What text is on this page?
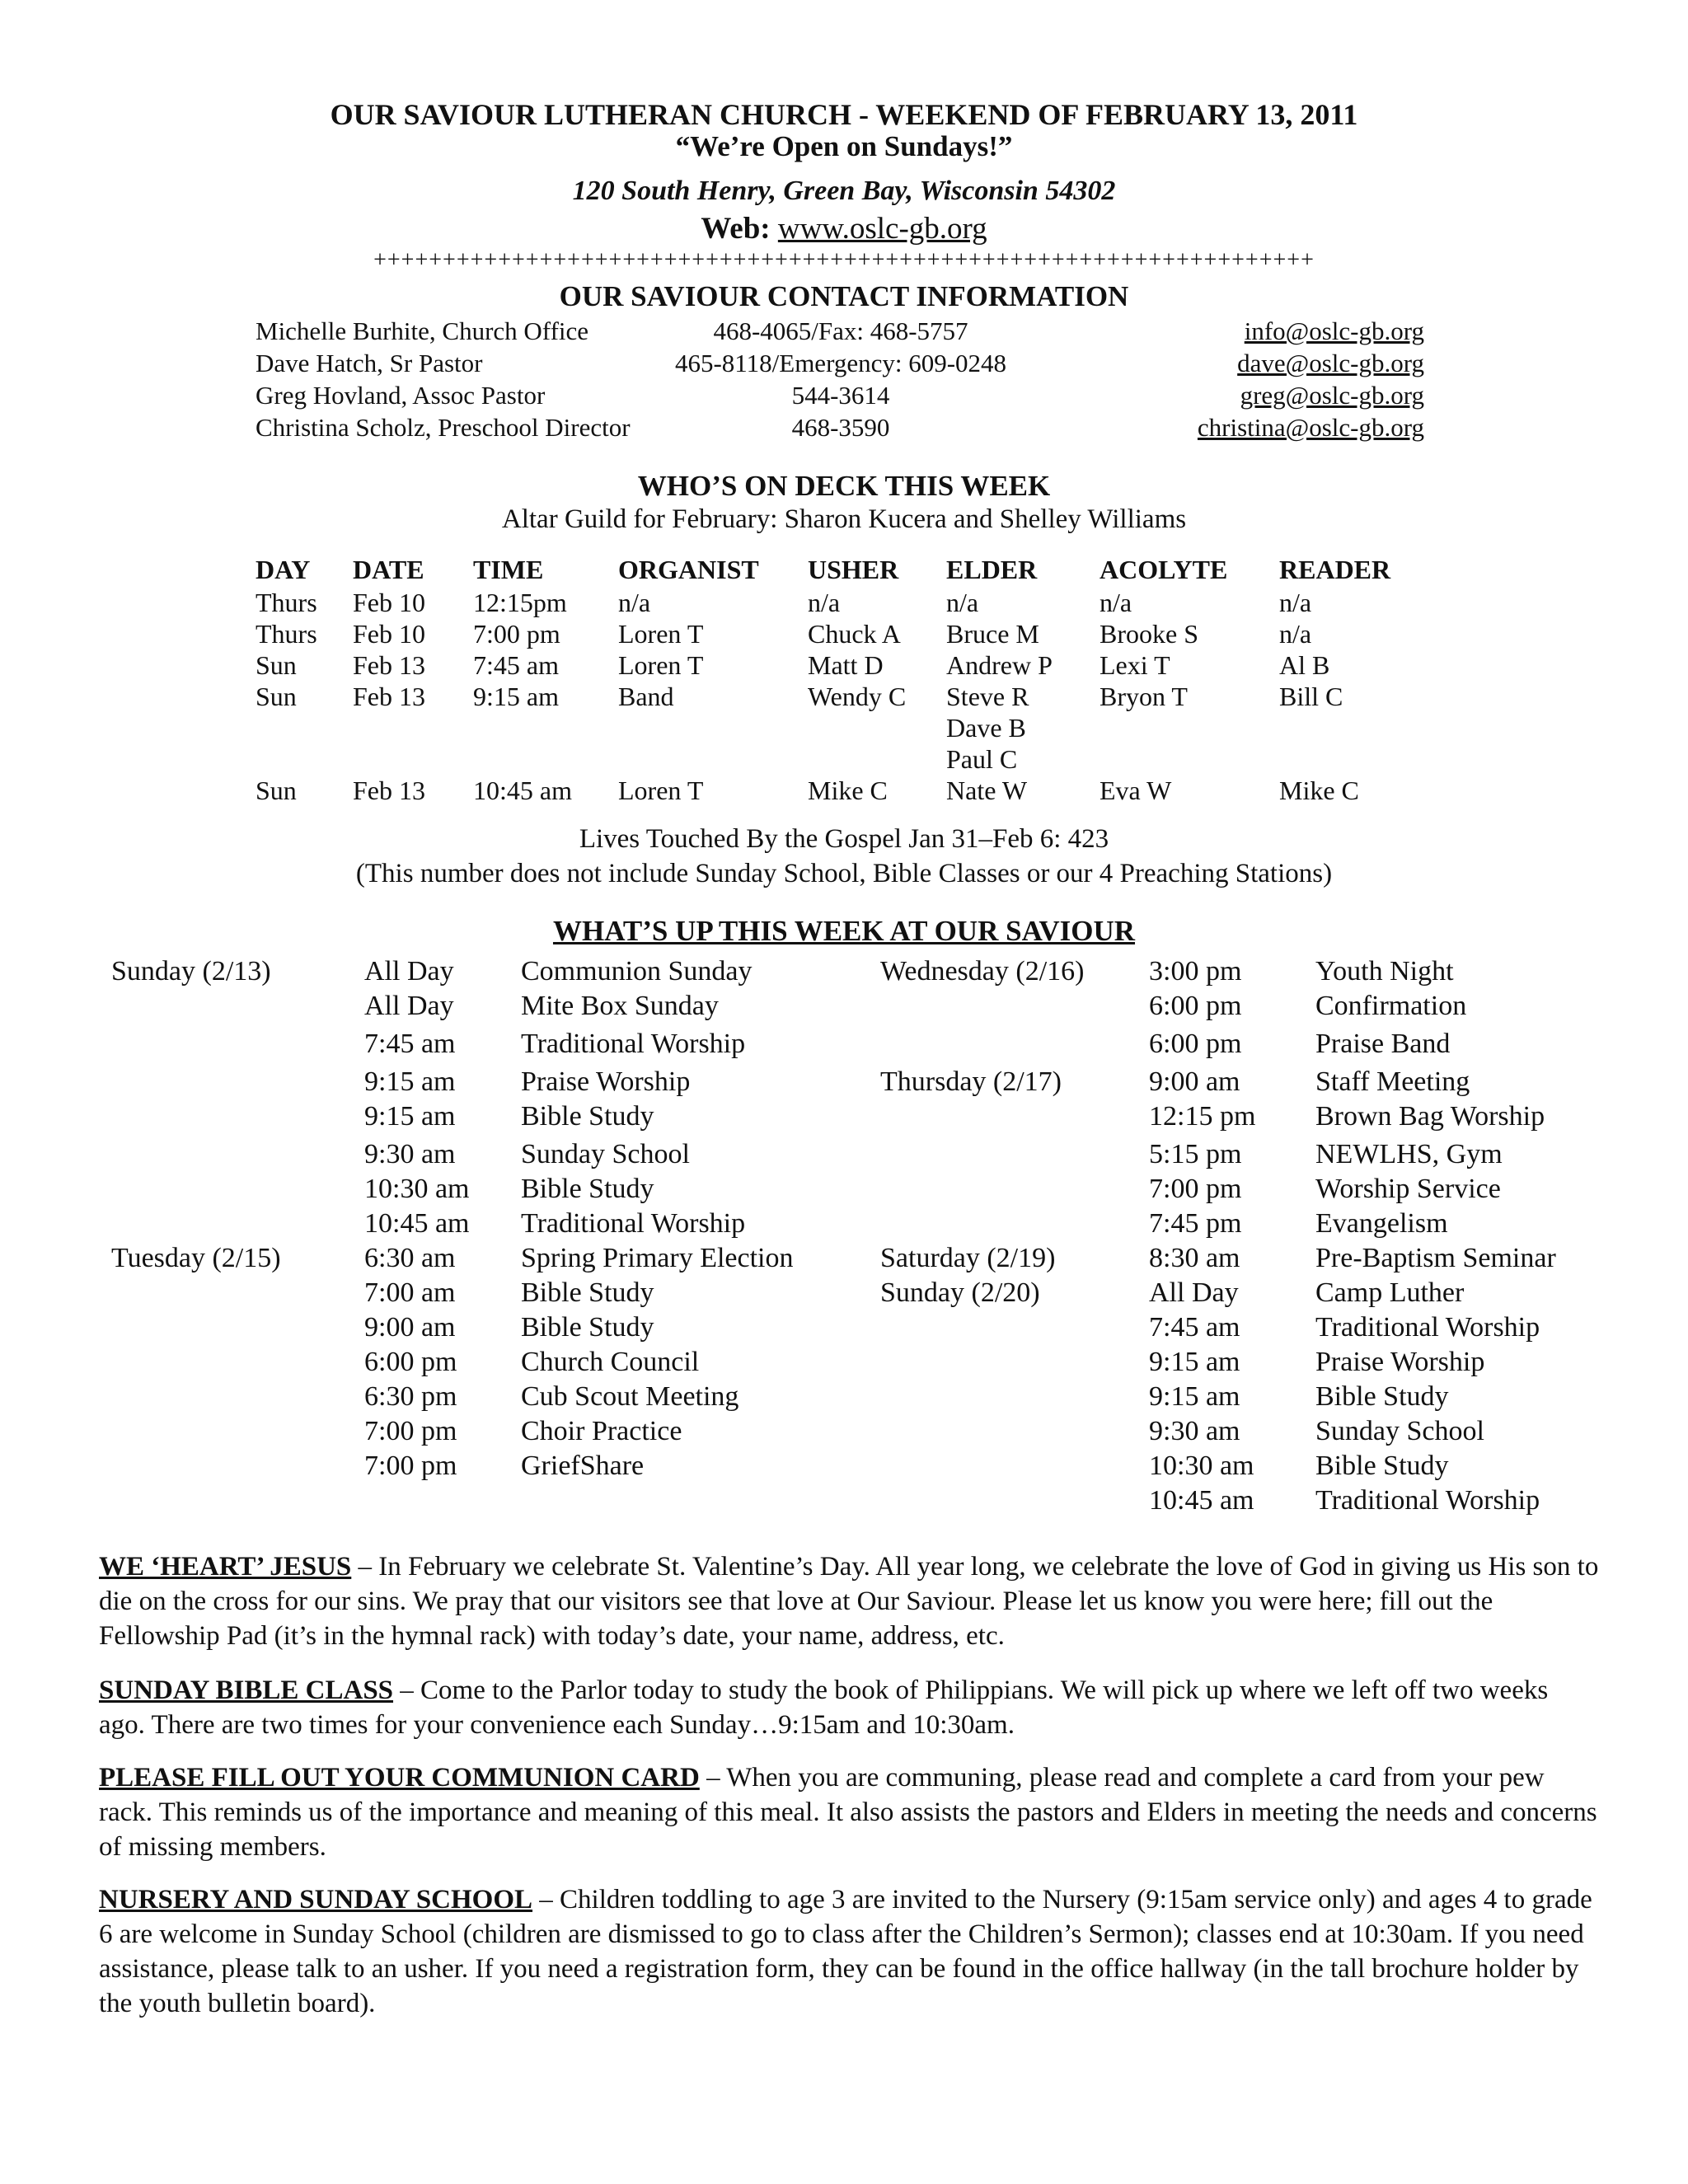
OUR SAVIOUR LUTHERAN CHURCH - WEEKEND OF FEBRUARY 13, 2011
“We’re Open on Sundays!”
120 South Henry, Green Bay, Wisconsin 54302
Web: www.oslc-gb.org
++++++++++++++++++++++++++++++++++++++++++++++++++++++++++++++++++++
OUR SAVIOUR CONTACT INFORMATION
Michelle Burhite, Church Office	468-4065/Fax: 468-5757	info@oslc-gb.org
Dave Hatch, Sr Pastor	465-8118/Emergency: 609-0248	dave@oslc-gb.org
Greg Hovland, Assoc Pastor	544-3614	greg@oslc-gb.org
Christina Scholz, Preschool Director	468-3590	christina@oslc-gb.org
WHO’S ON DECK THIS WEEK
Altar Guild for February: Sharon Kucera and Shelley Williams
DAY	DATE	TIME	ORGANIST	USHER	ELDER	ACOLYTE	READER
Thurs	Feb 10	12:15pm	n/a	n/a	n/a	n/a	n/a
Thurs	Feb 10	7:00 pm	Loren T	Chuck A	Bruce M	Brooke S	n/a
Sun	Feb 13	7:45 am	Loren T	Matt D	Andrew P	Lexi T	Al B
Sun	Feb 13	9:15 am	Band	Wendy C	Steve R	Bryon T	Bill C
					Dave B		
					Paul C		
Sun	Feb 13	10:45 am	Loren T	Mike C	Nate W	Eva W	Mike C
Lives Touched By the Gospel Jan 31–Feb 6: 423
(This number does not include Sunday School, Bible Classes or our 4 Preaching Stations)
WHAT’S UP THIS WEEK AT OUR SAVIOUR
Sunday (2/13)	All Day Communion Sunday
All Day Mite Box Sunday
7:45 am Traditional Worship
9:15 am Praise Worship
9:15 am Bible Study
9:30 am Sunday School
10:30 am Bible Study
10:45 am Traditional Worship
Tuesday (2/15)	6:30 am Spring Primary Election
7:00 am Bible Study
9:00 am Bible Study
6:00 pm Church Council
6:30 pm Cub Scout Meeting
7:00 pm Choir Practice
7:00 pm GriefShare
Wednesday (2/16) 3:00 pm	Youth Night
6:00 pm	Confirmation
6:00 pm	Praise Band
Thursday (2/17)	9:00 am	Staff Meeting
12:15 pm Brown Bag Worship
5:15 pm	NEWLHS, Gym
7:00 pm	Worship Service
7:45 pm	Evangelism
Saturday (2/19)	8:30 am	Pre-Baptism Seminar
Sunday (2/20)	All Day	Camp Luther
7:45 am	Traditional Worship
9:15 am	Praise Worship
9:15 am	Bible Study
9:30 am	Sunday School
10:30 am Bible Study
10:45 am Traditional Worship
WE ‘HEART’ JESUS – In February we celebrate St. Valentine’s Day. All year long, we celebrate the love of God in giving us His son to die on the cross for our sins. We pray that our visitors see that love at Our Saviour. Please let us know you were here; fill out the Fellowship Pad (it’s in the hymnal rack) with today’s date, your name, address, etc.
SUNDAY BIBLE CLASS – Come to the Parlor today to study the book of Philippians. We will pick up where we left off two weeks ago. There are two times for your convenience each Sunday…9:15am and 10:30am.
PLEASE FILL OUT YOUR COMMUNION CARD – When you are communing, please read and complete a card from your pew rack. This reminds us of the importance and meaning of this meal. It also assists the pastors and Elders in meeting the needs and concerns of missing members.
NURSERY AND SUNDAY SCHOOL – Children toddling to age 3 are invited to the Nursery (9:15am service only) and ages 4 to grade 6 are welcome in Sunday School (children are dismissed to go to class after the Children’s Sermon); classes end at 10:30am. If you need assistance, please talk to an usher. If you need a registration form, they can be found in the office hallway (in the tall brochure holder by the youth bulletin board).
